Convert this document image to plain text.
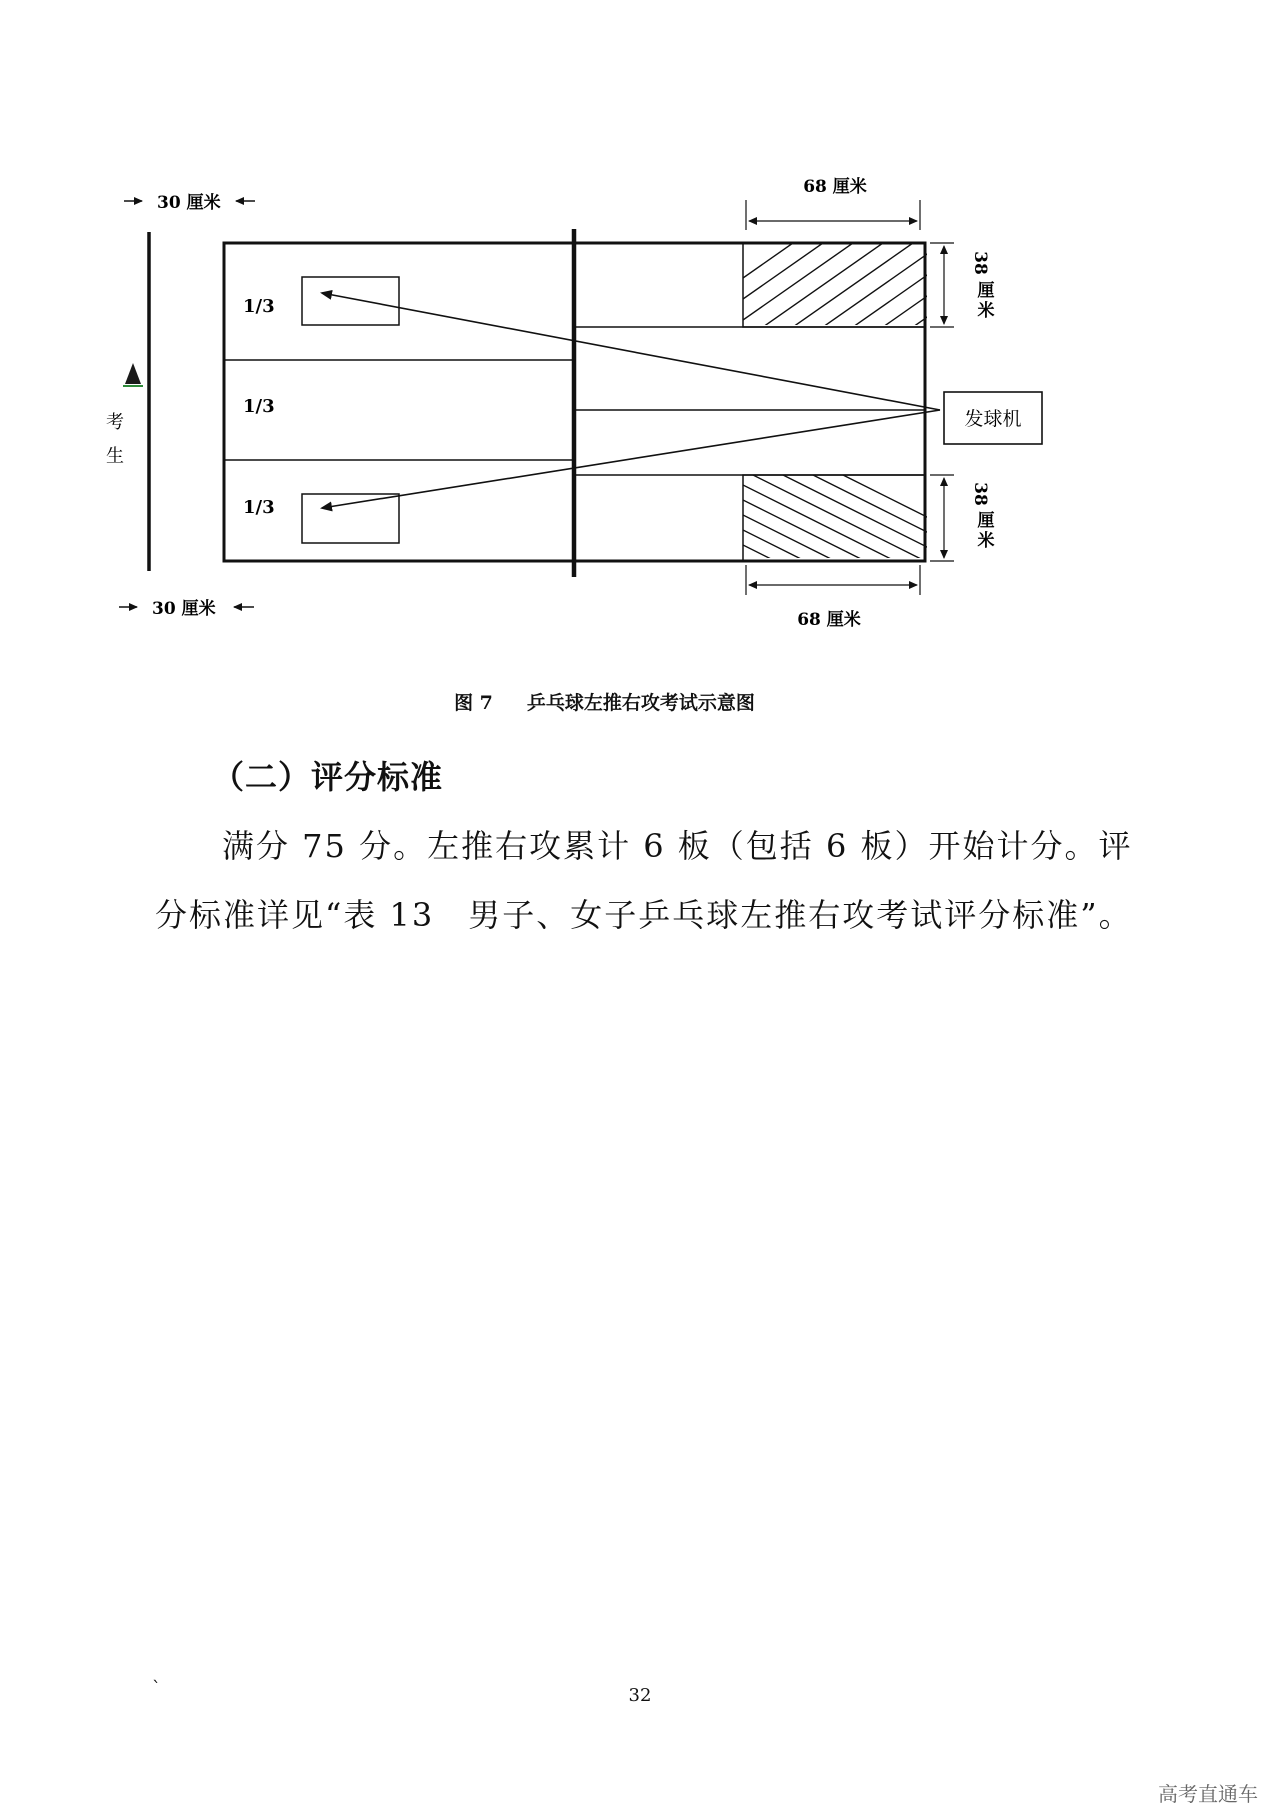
发球机
考
生
1/3
1/3
1/3
30 厘米
30 厘米
68 厘米
68 厘米
38
厘
米
38
厘
米
图 7 乒乓球左推右攻考试示意图
（二）评分标准
满分 75 分。左推右攻累计 6 板（包括 6 板）开始计分。评分标准详见“表 13　男子、女子乒乓球左推右攻考试评分标准”。
`	32
高考直通车
